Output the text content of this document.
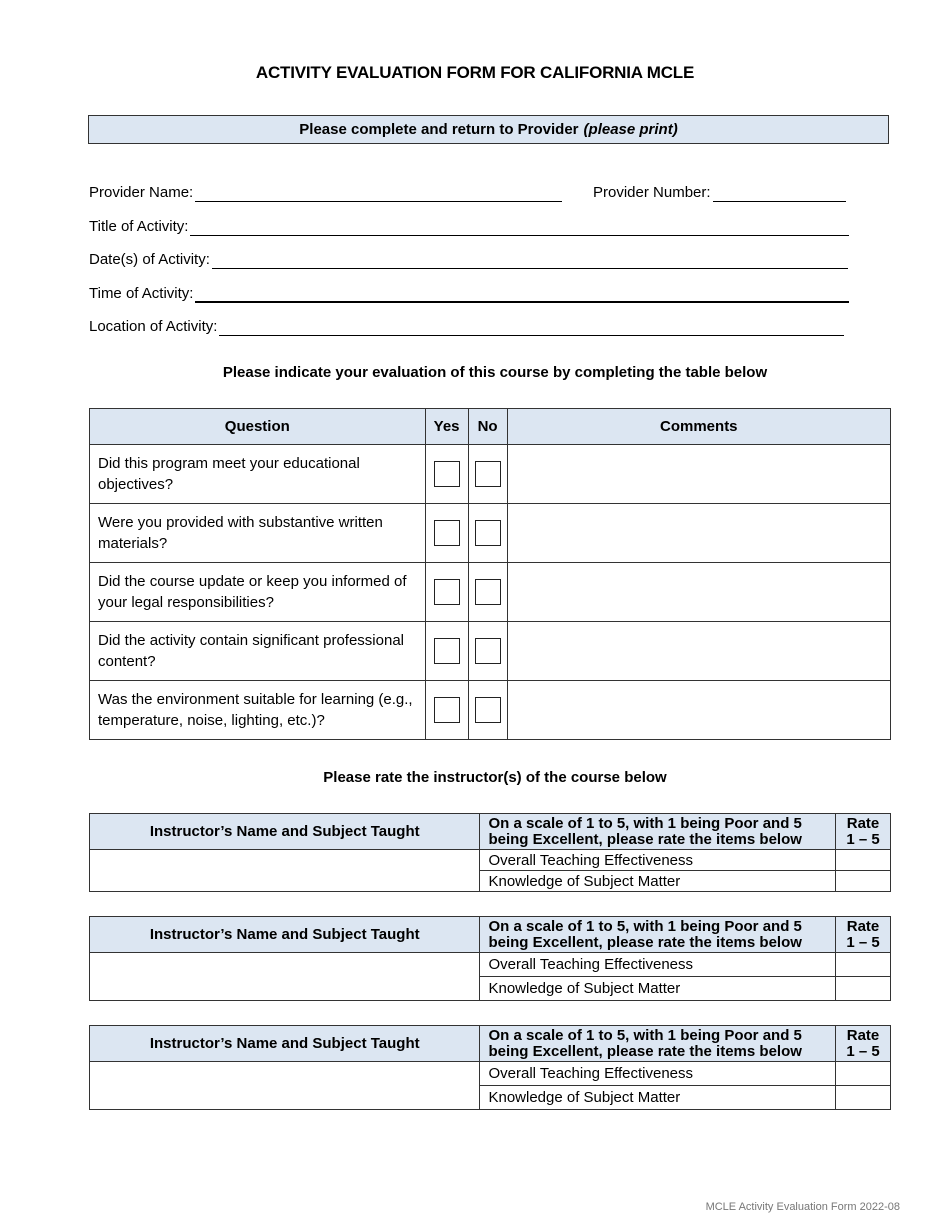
ACTIVITY EVALUATION FORM FOR CALIFORNIA MCLE
Please complete and return to Provider (please print)
Provider Name:	Provider Number:
Title of Activity:
Date(s) of Activity:
Time of Activity:
Location of Activity:
Please indicate your evaluation of this course by completing the table below
Question	Yes	No	Comments
Did this program meet your educational objectives?			
Were you provided with substantive written materials?			
Did the course update or keep you informed of your legal responsibilities?			
Did the activity contain significant professional content?			
Was the environment suitable for learning (e.g., temperature, noise, lighting, etc.)?			
Please rate the instructor(s) of the course below
Instructor’s Name and Subject Taught	On a scale of 1 to 5, with 1 being Poor and 5 being Excellent, please rate the items below	Rate
1 – 5

	Overall Teaching Effectiveness	
	Knowledge of Subject Matter	
Instructor’s Name and Subject Taught	On a scale of 1 to 5, with 1 being Poor and 5 being Excellent, please rate the items below	Rate
1 – 5

	Overall Teaching Effectiveness	
	Knowledge of Subject Matter	
Instructor’s Name and Subject Taught	On a scale of 1 to 5, with 1 being Poor and 5 being Excellent, please rate the items below	Rate
1 – 5

	Overall Teaching Effectiveness	
	Knowledge of Subject Matter	
MCLE Activity Evaluation Form 2022-08
